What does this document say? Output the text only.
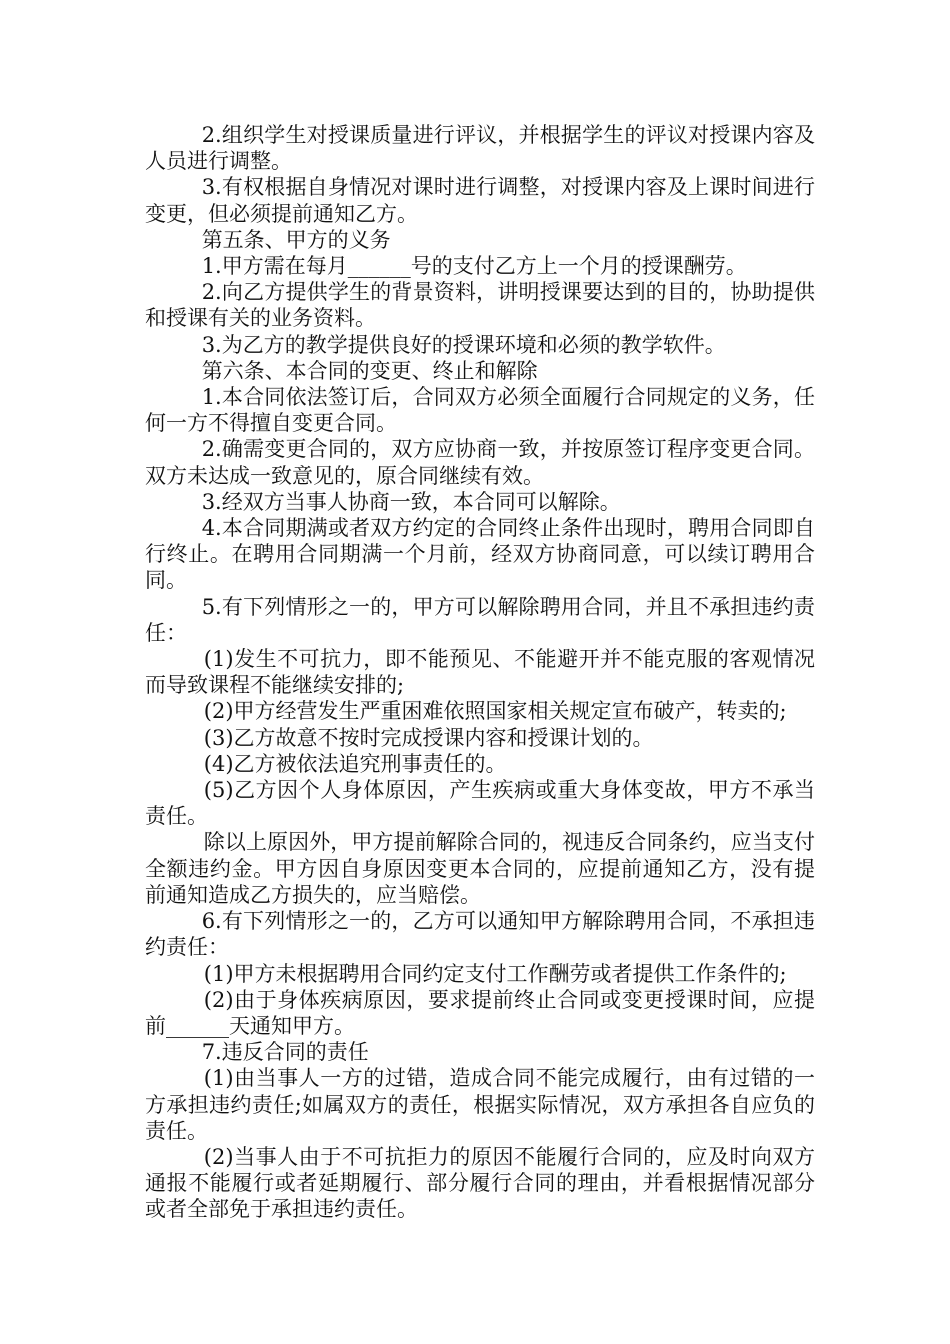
2.组织学生对授课质量进行评议，并根据学生的评议对授课内容及人员进行调整。

3.有权根据自身情况对课时进行调整，对授课内容及上课时间进行变更，但必须提前通知乙方。

第五条、甲方的义务

1.甲方需在每月______号的支付乙方上一个月的授课酬劳。

2.向乙方提供学生的背景资料，讲明授课要达到的目的，协助提供和授课有关的业务资料。

3.为乙方的教学提供良好的授课环境和必须的教学软件。

第六条、本合同的变更、终止和解除

1.本合同依法签订后，合同双方必须全面履行合同规定的义务，任何一方不得擅自变更合同。

2.确需变更合同的，双方应协商一致，并按原签订程序变更合同。双方未达成一致意见的，原合同继续有效。

3.经双方当事人协商一致，本合同可以解除。

4.本合同期满或者双方约定的合同终止条件出现时，聘用合同即自行终止。在聘用合同期满一个月前，经双方协商同意，可以续订聘用合同。

5.有下列情形之一的，甲方可以解除聘用合同，并且不承担违约责任：

(1)发生不可抗力，即不能预见、不能避开并不能克服的客观情况而导致课程不能继续安排的;

(2)甲方经营发生严重困难依照国家相关规定宣布破产，转卖的;

(3)乙方故意不按时完成授课内容和授课计划的。

(4)乙方被依法追究刑事责任的。

(5)乙方因个人身体原因，产生疾病或重大身体变故，甲方不承当责任。

除以上原因外，甲方提前解除合同的，视违反合同条约，应当支付全额违约金。甲方因自身原因变更本合同的，应提前通知乙方，没有提前通知造成乙方损失的，应当赔偿。

6.有下列情形之一的，乙方可以通知甲方解除聘用合同，不承担违约责任：

(1)甲方未根据聘用合同约定支付工作酬劳或者提供工作条件的;

(2)由于身体疾病原因，要求提前终止合同或变更授课时间，应提前______天通知甲方。

7.违反合同的责任

(1)由当事人一方的过错，造成合同不能完成履行，由有过错的一方承担违约责任;如属双方的责任，根据实际情况，双方承担各自应负的责任。

(2)当事人由于不可抗拒力的原因不能履行合同的，应及时向双方通报不能履行或者延期履行、部分履行合同的理由，并看根据情况部分或者全部免于承担违约责任。
